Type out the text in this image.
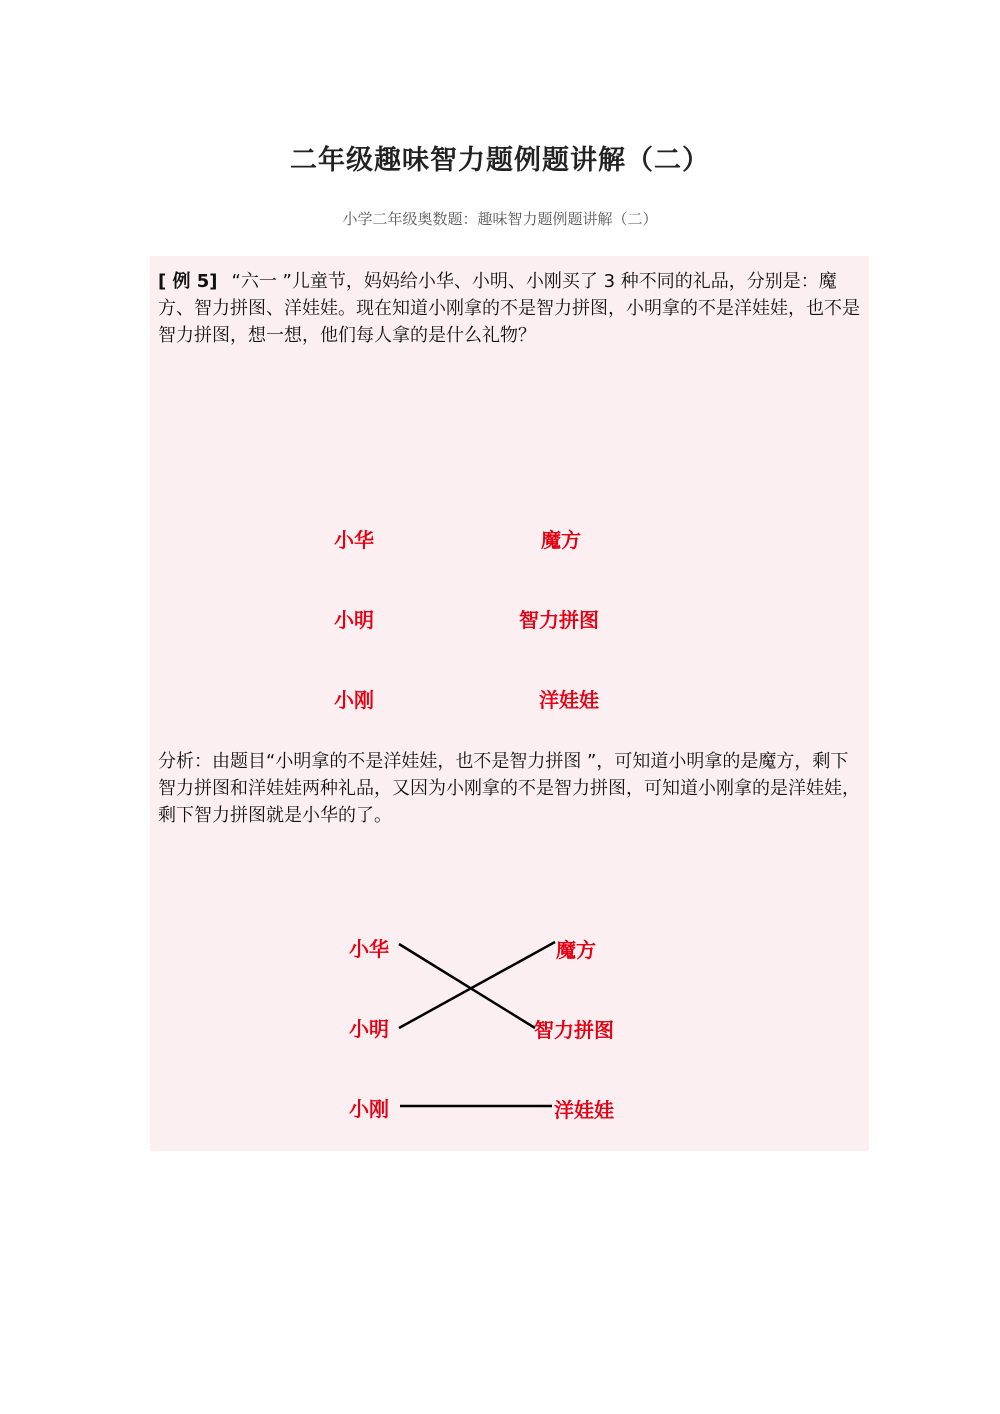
二年级趣味智力题例题讲解（二）
小学二年级奥数题：趣味智力题例题讲解（二）
[ 例 5] “六一 ”儿童节，妈妈给小华、小明、小刚买了 3 种不同的礼品，分别是：魔方、智力拼图、洋娃娃。现在知道小刚拿的不是智力拼图，小明拿的不是洋娃娃，也不是智力拼图，想一想，他们每人拿的是什么礼物？
小华
小明
小刚
魔方
智力拼图
洋娃娃
分析：由题目“小明拿的不是洋娃娃，也不是智力拼图 ”，可知道小明拿的是魔方，剩下智力拼图和洋娃娃两种礼品，又因为小刚拿的不是智力拼图，可知道小刚拿的是洋娃娃，剩下智力拼图就是小华的了。
小华
小明
小刚
魔方
智力拼图
洋娃娃
